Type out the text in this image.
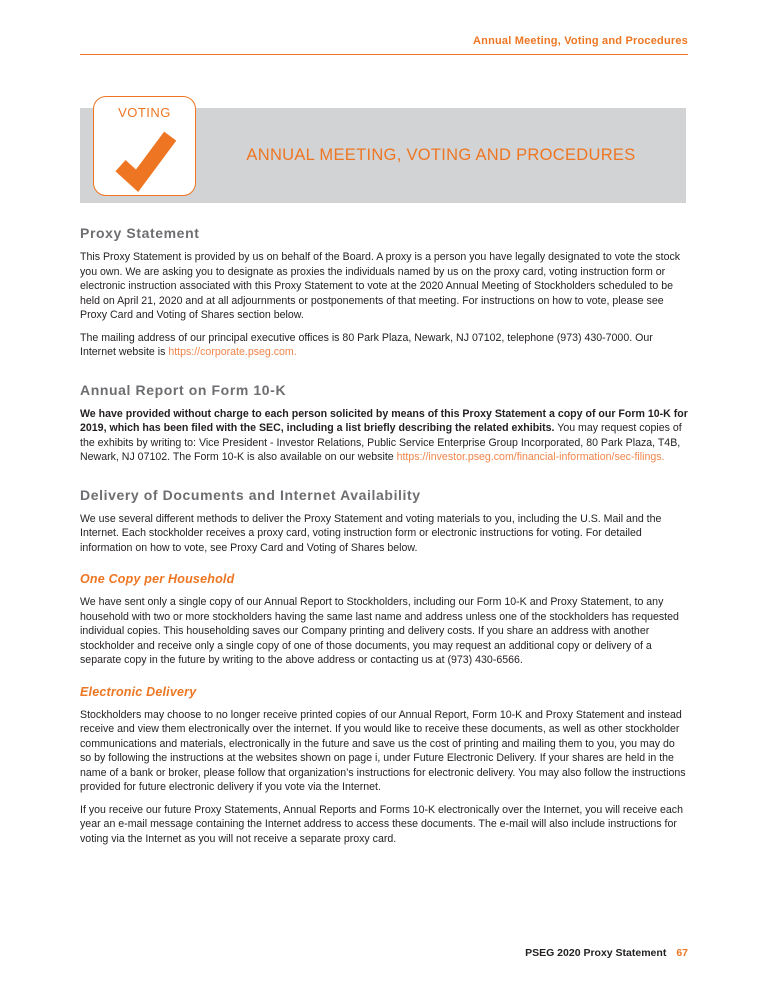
Annual Meeting, Voting and Procedures
VOTING
ANNUAL MEETING, VOTING AND PROCEDURES
Proxy Statement

This Proxy Statement is provided by us on behalf of the Board. A proxy is a person you have legally designated to vote the stock you own. We are asking you to designate as proxies the individuals named by us on the proxy card, voting instruction form or electronic instruction associated with this Proxy Statement to vote at the 2020 Annual Meeting of Stockholders scheduled to be held on April 21, 2020 and at all adjournments or postponements of that meeting. For instructions on how to vote, please see Proxy Card and Voting of Shares section below.

The mailing address of our principal executive offices is 80 Park Plaza, Newark, NJ 07102, telephone (973) 430-7000. Our Internet website is https://corporate.pseg.com.

Annual Report on Form 10-K

We have provided without charge to each person solicited by means of this Proxy Statement a copy of our Form 10-K for 2019, which has been filed with the SEC, including a list briefly describing the related exhibits. You may request copies of the exhibits by writing to: Vice President - Investor Relations, Public Service Enterprise Group Incorporated, 80 Park Plaza, T4B, Newark, NJ 07102. The Form 10-K is also available on our website https://investor.pseg.com/financial-information/sec-filings.

Delivery of Documents and Internet Availability

We use several different methods to deliver the Proxy Statement and voting materials to you, including the U.S. Mail and the Internet. Each stockholder receives a proxy card, voting instruction form or electronic instructions for voting. For detailed information on how to vote, see Proxy Card and Voting of Shares below.

One Copy per Household

We have sent only a single copy of our Annual Report to Stockholders, including our Form 10-K and Proxy Statement, to any household with two or more stockholders having the same last name and address unless one of the stockholders has requested individual copies. This householding saves our Company printing and delivery costs. If you share an address with another stockholder and receive only a single copy of one of those documents, you may request an additional copy or delivery of a separate copy in the future by writing to the above address or contacting us at (973) 430-6566.

Electronic Delivery

Stockholders may choose to no longer receive printed copies of our Annual Report, Form 10-K and Proxy Statement and instead receive and view them electronically over the internet. If you would like to receive these documents, as well as other stockholder communications and materials, electronically in the future and save us the cost of printing and mailing them to you, you may do so by following the instructions at the websites shown on page i, under Future Electronic Delivery. If your shares are held in the name of a bank or broker, please follow that organization’s instructions for electronic delivery. You may also follow the instructions provided for future electronic delivery if you vote via the Internet.

If you receive our future Proxy Statements, Annual Reports and Forms 10-K electronically over the Internet, you will receive each year an e-mail message containing the Internet address to access these documents. The e-mail will also include instructions for voting via the Internet as you will not receive a separate proxy card.

PSEG 2020 Proxy Statement 67
